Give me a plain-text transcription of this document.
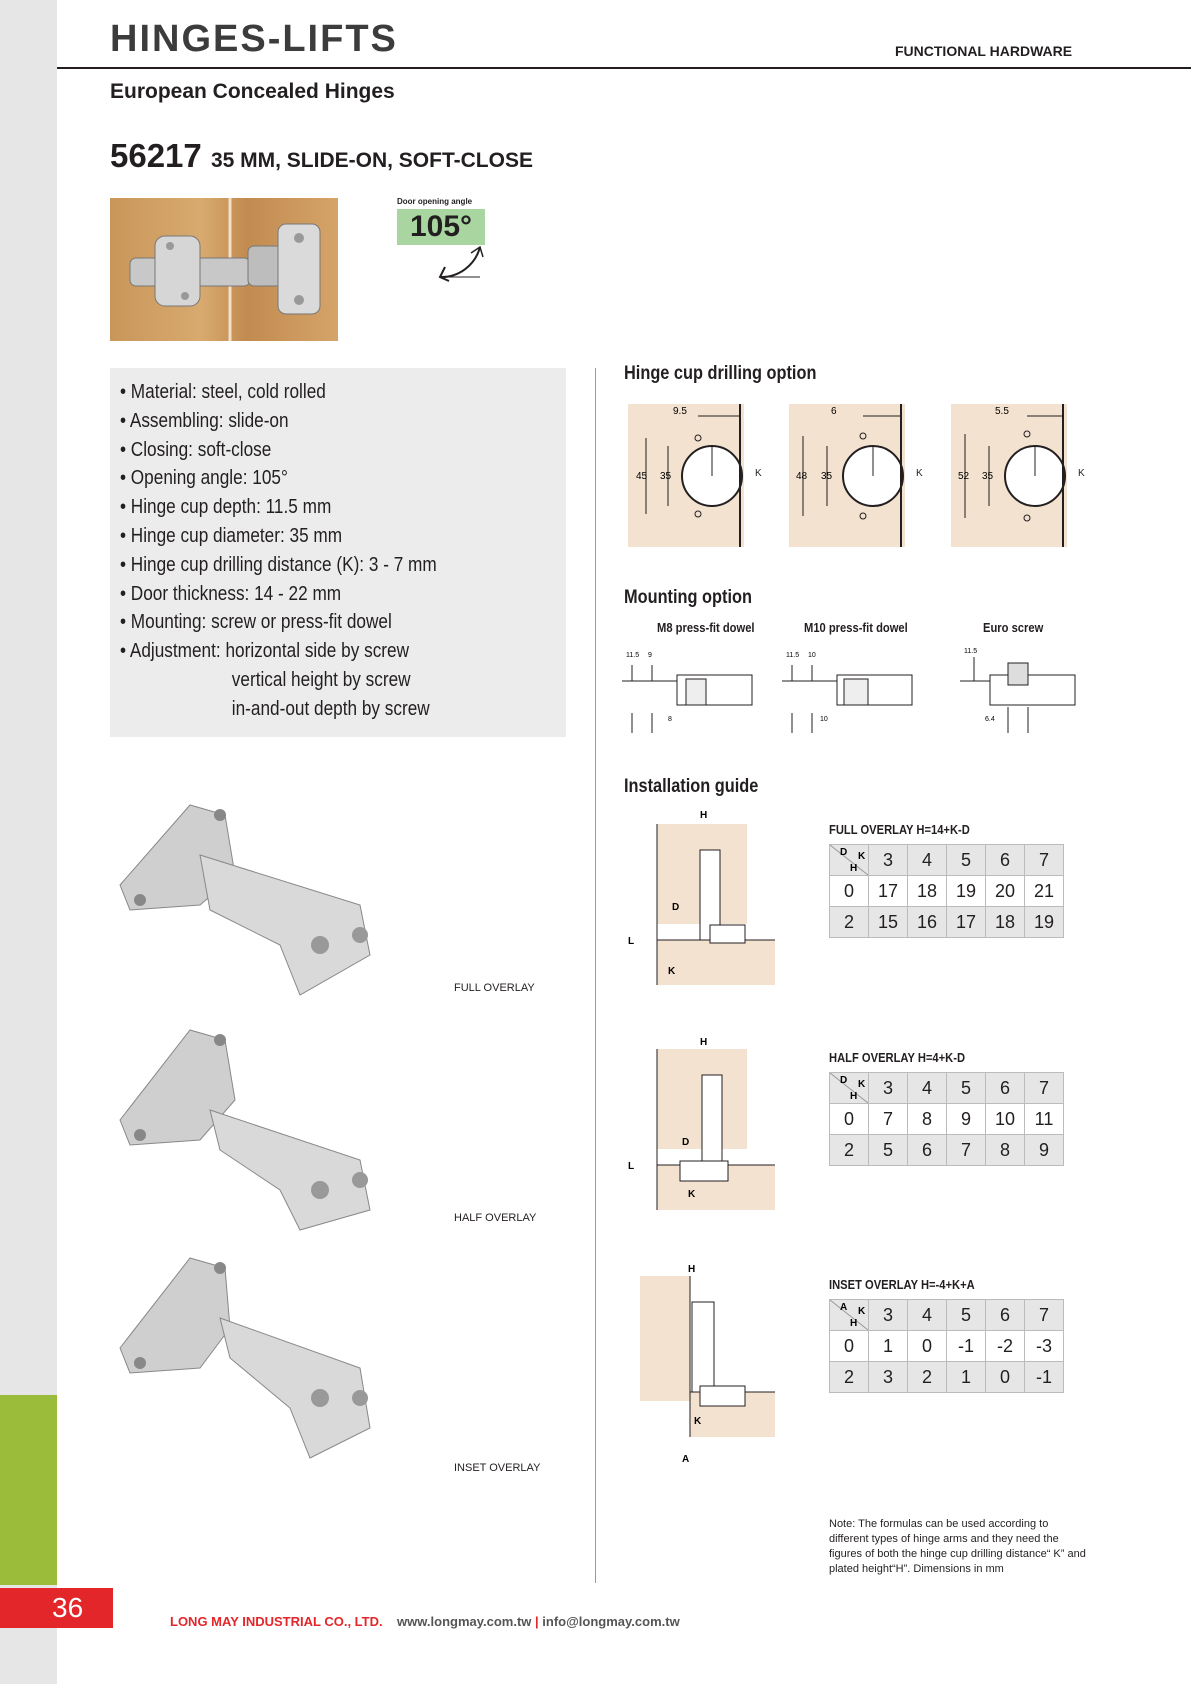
36
HINGES-LIFTS	FUNCTIONAL HARDWARE
European Concealed Hinges
56217 35 MM, SLIDE-ON, SOFT-CLOSE
Door opening angle
105°
• Material: steel, cold rolled
• Assembling: slide-on
• Closing: soft-close
• Opening angle: 105°
• Hinge cup depth: 11.5 mm
• Hinge cup diameter: 35 mm
• Hinge cup drilling distance (K): 3 - 7 mm
• Door thickness: 14 - 22 mm
• Mounting: screw or press-fit dowel
• Adjustment: horizontal side by screw
vertical height by screw
in-and-out depth by screw
Hinge cup drilling option
9.5
45 35	K
6
48 35	K
5.5
52 35	K
Mounting option
M8 press-fit dowel	M10 press-fit dowel	Euro screw
11.5 9
8
11.5 10
10
11.5
6.4
Installation guide
H
D
L
K
H
D
L
K
H
K
A
FULL OVERLAY
HALF OVERLAY
INSET OVERLAY
FULL OVERLAY H=14+K-D
D K
H	3	4	5	6	7
0	17	18	19	20	21
2	15	16	17	18	19
HALF OVERLAY H=4+K-D
D K
H	3	4	5	6	7
0	7	8	9	10	11
2	5	6	7	8	9
INSET OVERLAY H=-4+K+A
A K
H	3	4	5	6	7
0	1	0	-1	-2	-3
2	3	2	1	0	-1
Note: The formulas can be used according to different types of hinge arms and they need the figures of both the hinge cup drilling distance“ K” and plated height“H”. Dimensions in mm
LONG MAY INDUSTRIAL CO., LTD. www.longmay.com.tw | info@longmay.com.tw
